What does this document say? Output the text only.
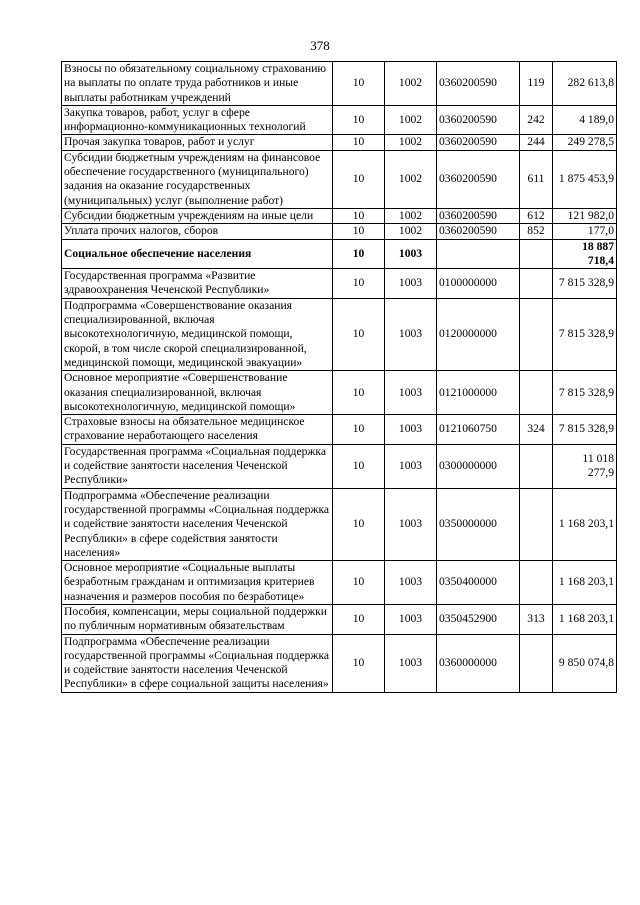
378
Взносы по обязательному социальному страхованию на выплаты по оплате труда работников и иные выплаты работникам учреждений	10	1002	0360200590	119	282 613,8
Закупка товаров, работ, услуг в сфере информационно-коммуникационных технологий	10	1002	0360200590	242	4 189,0
Прочая закупка товаров, работ и услуг	10	1002	0360200590	244	249 278,5
Субсидии бюджетным учреждениям на финансовое обеспечение государственного (муниципального) задания на оказание государственных (муниципальных) услуг (выполнение работ)	10	1002	0360200590	611	1 875 453,9
Субсидии бюджетным учреждениям на иные цели	10	1002	0360200590	612	121 982,0
Уплата прочих налогов, сборов	10	1002	0360200590	852	177,0
Социальное обеспечение населения	10	1003			18 887 718,4
Государственная программа «Развитие здравоохранения Чеченской Республики»	10	1003	0100000000		7 815 328,9
Подпрограмма «Совершенствование оказания специализированной, включая высокотехнологичную, медицинской помощи, скорой, в том числе скорой специализированной, медицинской помощи, медицинской эвакуации»	10	1003	0120000000		7 815 328,9
Основное мероприятие «Совершенствование оказания специализированной, включая высокотехнологичную, медицинской помощи»	10	1003	0121000000		7 815 328,9
Страховые взносы на обязательное медицинское страхование неработающего населения	10	1003	0121060750	324	7 815 328,9
Государственная программа «Социальная поддержка и содействие занятости населения Чеченской Республики»	10	1003	0300000000		11 018 277,9
Подпрограмма «Обеспечение реализации государственной программы «Социальная поддержка и содействие занятости населения Чеченской Республики» в сфере содействия занятости населения»	10	1003	0350000000		1 168 203,1
Основное мероприятие «Социальные выплаты безработным гражданам и оптимизация критериев назначения и размеров пособия по безработице»	10	1003	0350400000		1 168 203,1
Пособия, компенсации, меры социальной поддержки по публичным нормативным обязательствам	10	1003	0350452900	313	1 168 203,1
Подпрограмма «Обеспечение реализации государственной программы «Социальная поддержка и содействие занятости населения Чеченской Республики» в сфере социальной защиты населения»	10	1003	0360000000		9 850 074,8
